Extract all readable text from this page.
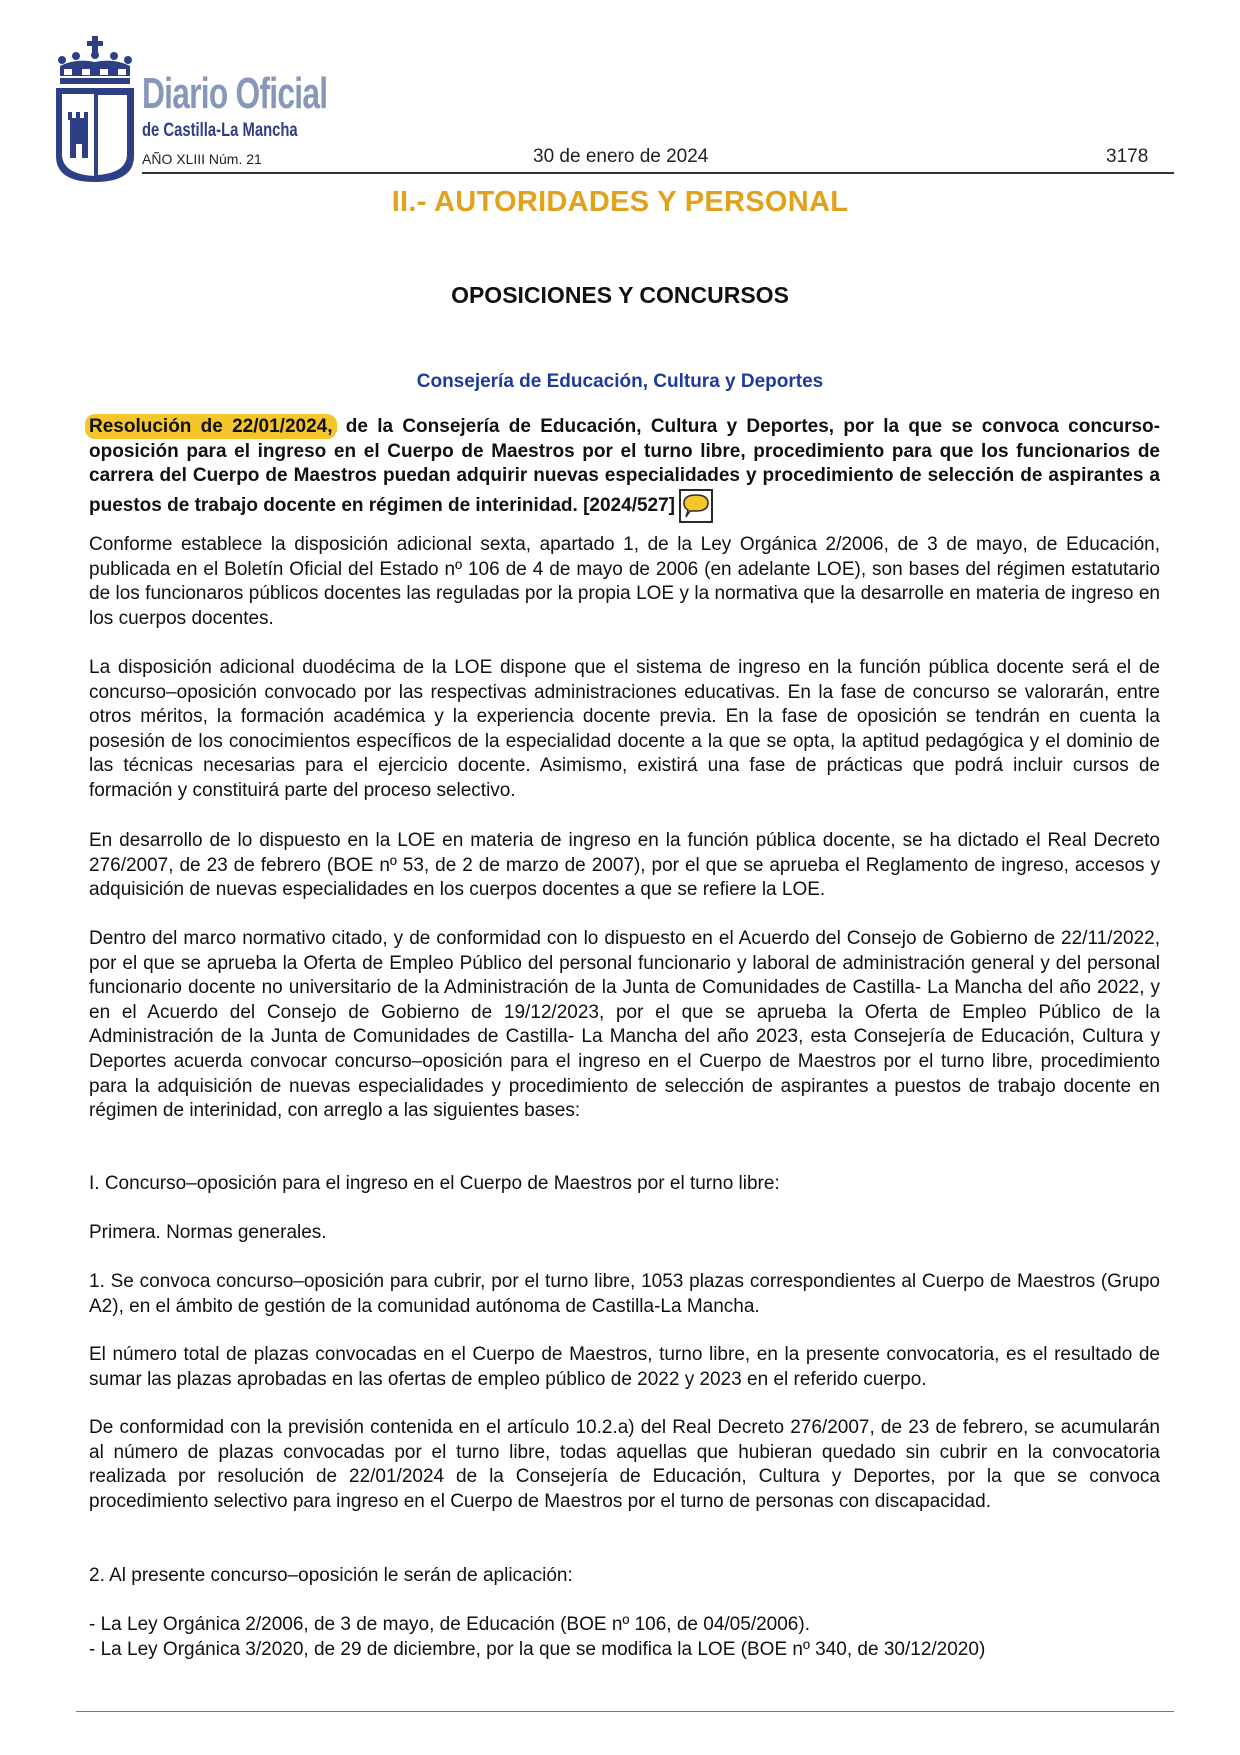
Diario Oficial
de Castilla-La Mancha
AÑO XLIII Núm. 21	30 de enero de 2024	3178
II.- AUTORIDADES Y PERSONAL
OPOSICIONES Y CONCURSOS
Consejería de Educación, Cultura y Deportes
Resolución de 22/01/2024, de la Consejería de Educación, Cultura y Deportes, por la que se convoca concurso-oposición para el ingreso en el Cuerpo de Maestros por el turno libre, procedimiento para que los funcionarios de carrera del Cuerpo de Maestros puedan adquirir nuevas especialidades y procedimiento de selección de aspirantes a puestos de trabajo docente en régimen de interinidad. [2024/527]
Conforme establece la disposición adicional sexta, apartado 1, de la Ley Orgánica 2/2006, de 3 de mayo, de Educación, publicada en el Boletín Oficial del Estado nº 106 de 4 de mayo de 2006 (en adelante LOE), son bases del régimen estatutario de los funcionaros públicos docentes las reguladas por la propia LOE y la normativa que la desarrolle en materia de ingreso en los cuerpos docentes.
La disposición adicional duodécima de la LOE dispone que el sistema de ingreso en la función pública docente será el de concurso–oposición convocado por las respectivas administraciones educativas. En la fase de concurso se valorarán, entre otros méritos, la formación académica y la experiencia docente previa. En la fase de oposición se tendrán en cuenta la posesión de los conocimientos específicos de la especialidad docente a la que se opta, la aptitud pedagógica y el dominio de las técnicas necesarias para el ejercicio docente. Asimismo, existirá una fase de prácticas que podrá incluir cursos de formación y constituirá parte del proceso selectivo.
En desarrollo de lo dispuesto en la LOE en materia de ingreso en la función pública docente, se ha dictado el Real Decreto 276/2007, de 23 de febrero (BOE nº 53, de 2 de marzo de 2007), por el que se aprueba el Reglamento de ingreso, accesos y adquisición de nuevas especialidades en los cuerpos docentes a que se refiere la LOE.
Dentro del marco normativo citado, y de conformidad con lo dispuesto en el Acuerdo del Consejo de Gobierno de 22/11/2022, por el que se aprueba la Oferta de Empleo Público del personal funcionario y laboral de administración general y del personal funcionario docente no universitario de la Administración de la Junta de Comunidades de Castilla- La Mancha del año 2022, y en el Acuerdo del Consejo de Gobierno de 19/12/2023, por el que se aprueba la Oferta de Empleo Público de la Administración de la Junta de Comunidades de Castilla- La Mancha del año 2023, esta Consejería de Educación, Cultura y Deportes acuerda convocar concurso–oposición para el ingreso en el Cuerpo de Maestros por el turno libre, procedimiento para la adquisición de nuevas especialidades y procedimiento de selección de aspirantes a puestos de trabajo docente en régimen de interinidad, con arreglo a las siguientes bases:
I. Concurso–oposición para el ingreso en el Cuerpo de Maestros por el turno libre:
Primera. Normas generales.
1. Se convoca concurso–oposición para cubrir, por el turno libre, 1053 plazas correspondientes al Cuerpo de Maestros (Grupo A2), en el ámbito de gestión de la comunidad autónoma de Castilla-La Mancha.
El número total de plazas convocadas en el Cuerpo de Maestros, turno libre, en la presente convocatoria, es el resultado de sumar las plazas aprobadas en las ofertas de empleo público de 2022 y 2023 en el referido cuerpo.
De conformidad con la previsión contenida en el artículo 10.2.a) del Real Decreto 276/2007, de 23 de febrero, se acumularán al número de plazas convocadas por el turno libre, todas aquellas que hubieran quedado sin cubrir en la convocatoria realizada por resolución de 22/01/2024 de la Consejería de Educación, Cultura y Deportes, por la que se convoca procedimiento selectivo para ingreso en el Cuerpo de Maestros por el turno de personas con discapacidad.
2. Al presente concurso–oposición le serán de aplicación:
- La Ley Orgánica 2/2006, de 3 de mayo, de Educación (BOE nº 106, de 04/05/2006).
- La Ley Orgánica 3/2020, de 29 de diciembre, por la que se modifica la LOE (BOE nº 340, de 30/12/2020)
